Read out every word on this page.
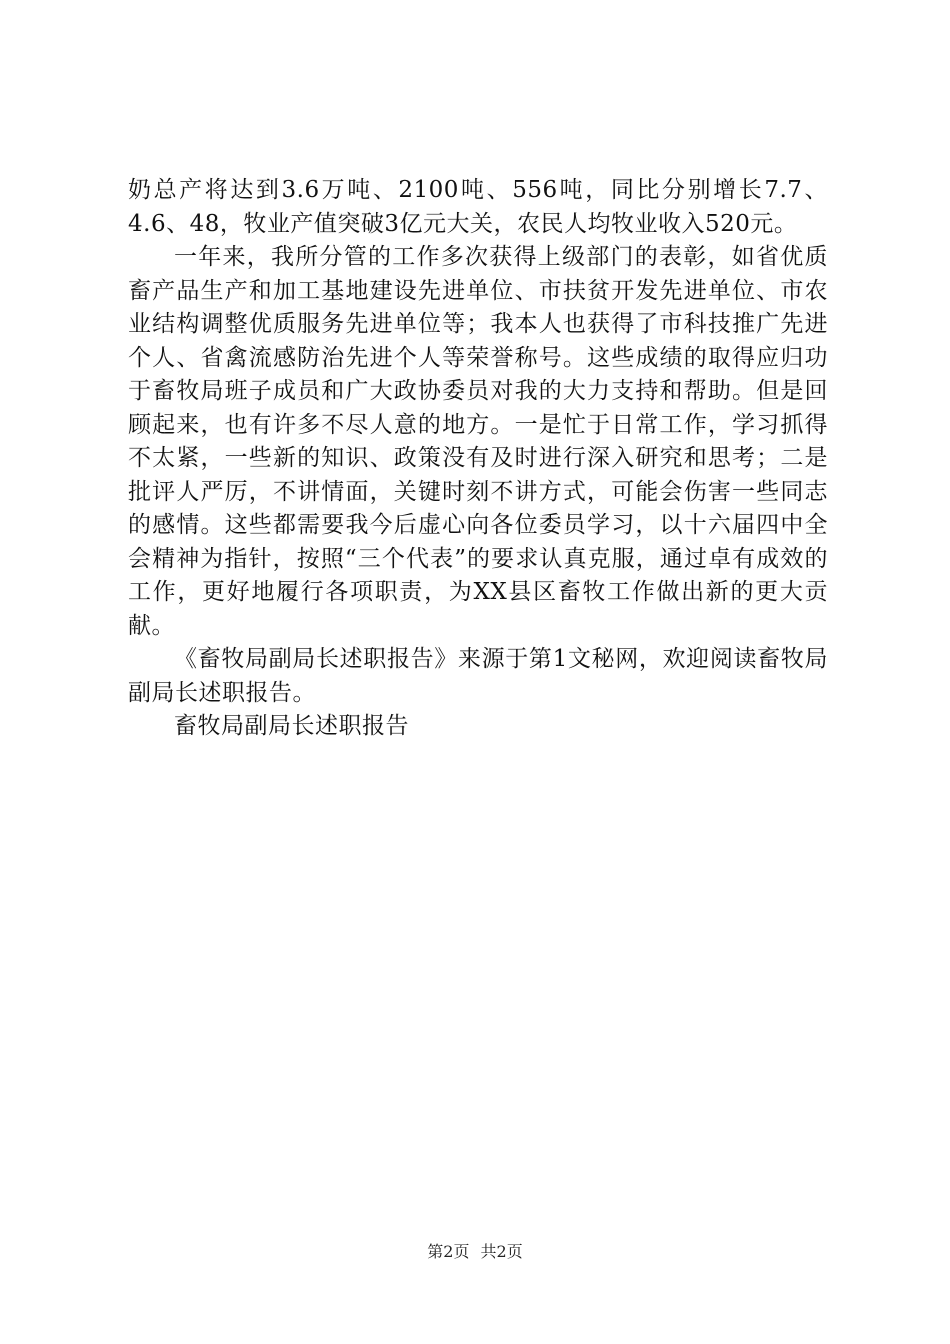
奶总产将达到3.6万吨、2100吨、556吨，同比分别增长7.7、4.6、48，牧业产值突破3亿元大关，农民人均牧业收入520元。

一年来，我所分管的工作多次获得上级部门的表彰，如省优质畜产品生产和加工基地建设先进单位、市扶贫开发先进单位、市农业结构调整优质服务先进单位等；我本人也获得了市科技推广先进个人、省禽流感防治先进个人等荣誉称号。这些成绩的取得应归功于畜牧局班子成员和广大政协委员对我的大力支持和帮助。但是回顾起来，也有许多不尽人意的地方。一是忙于日常工作，学习抓得不太紧，一些新的知识、政策没有及时进行深入研究和思考；二是批评人严厉，不讲情面，关键时刻不讲方式，可能会伤害一些同志的感情。这些都需要我今后虚心向各位委员学习，以十六届四中全会精神为指针，按照“三个代表”的要求认真克服，通过卓有成效的工作，更好地履行各项职责，为XX县区畜牧工作做出新的更大贡献。

《畜牧局副局长述职报告》来源于第1文秘网，欢迎阅读畜牧局副局长述职报告。

畜牧局副局长述职报告

第2页 共2页
